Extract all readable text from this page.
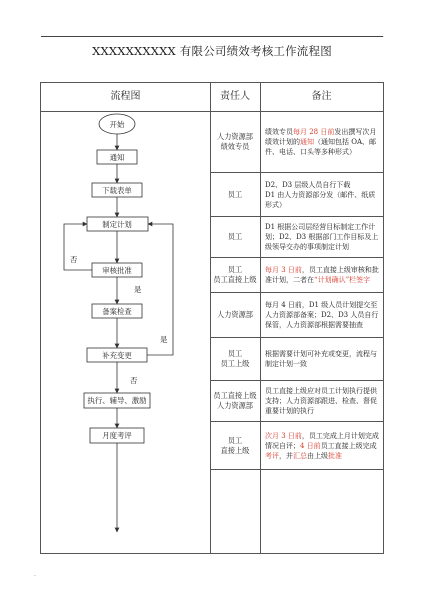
.
XXXXXXXXXX 有限公司绩效考核工作流程图
流程图	责任人	备注
人力资源部
绩效专员
员工
员工
员工
员工直接上级
人力资源部
员工
员工上级
员工直接上级
人力资源部
员工
直接上级
绩效专员每月 28 日前发出撰写次月绩效计划的通知（通知包括 OA、邮件、电话、口头等多种形式）
D2、D3 层级人员自行下载
D1 由人力资源部分发（邮件、纸质形式）
D1 根据公司层经营目标制定工作计划；D2、D3 根据部门工作目标及上级领导交办的事项制定计划
每月 3 日前，员工直接上级审核和批准计划，二者在“计划确认”栏签字
每月 4 日前，D1 级人员计划提交至人力资源部备案；D2、D3 人员自行保管，人力资源部根据需要抽查
根据需要计划可补充或变更，流程与制定计划一致
员工直接上级应对员工计划执行提供支持；人力资源部跟进、检查、督促重要计划的执行
次月 3 日前，员工完成上月计划完成情况自评；4 日前员工直接上级完成考评，并汇总由上级批准
开始
通知
下载表单
制定计划
审核批准
备案检查
补充变更
执行、辅导、激励
月度考评
否
是
是
否
.
